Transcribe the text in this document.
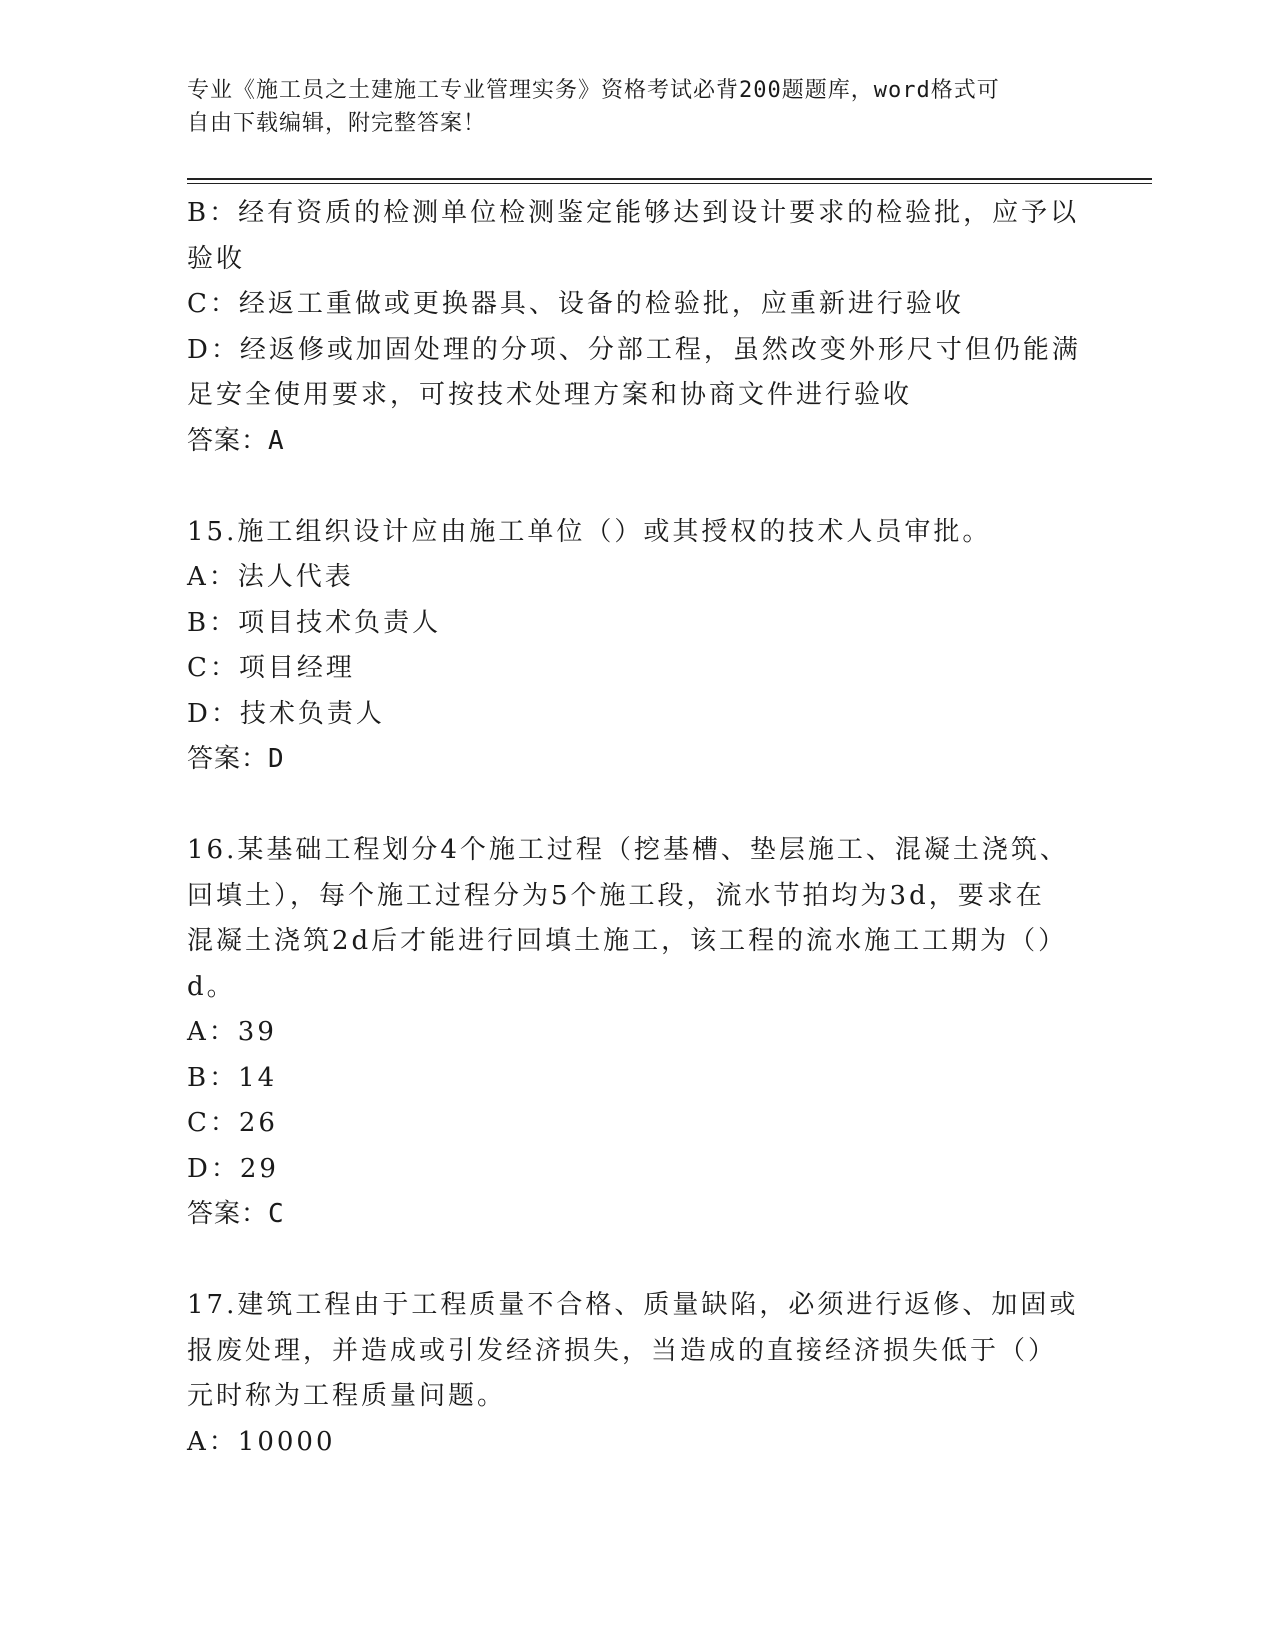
专业《施工员之土建施工专业管理实务》资格考试必背200题题库，word格式可
自由下载编辑，附完整答案！
B：经有资质的检测单位检测鉴定能够达到设计要求的检验批，应予以
验收
C：经返工重做或更换器具、设备的检验批，应重新进行验收
D：经返修或加固处理的分项、分部工程，虽然改变外形尺寸但仍能满
足安全使用要求，可按技术处理方案和协商文件进行验收
答案：A
15.施工组织设计应由施工单位（）或其授权的技术人员审批。
A：法人代表
B：项目技术负责人
C：项目经理
D：技术负责人
答案：D
16.某基础工程划分4个施工过程（挖基槽、垫层施工、混凝土浇筑、
回填土），每个施工过程分为5个施工段，流水节拍均为3d，要求在
混凝土浇筑2d后才能进行回填土施工，该工程的流水施工工期为（）
d。
A：39
B：14
C：26
D：29
答案：C
17.建筑工程由于工程质量不合格、质量缺陷，必须进行返修、加固或
报废处理，并造成或引发经济损失，当造成的直接经济损失低于（）
元时称为工程质量问题。
A：10000
